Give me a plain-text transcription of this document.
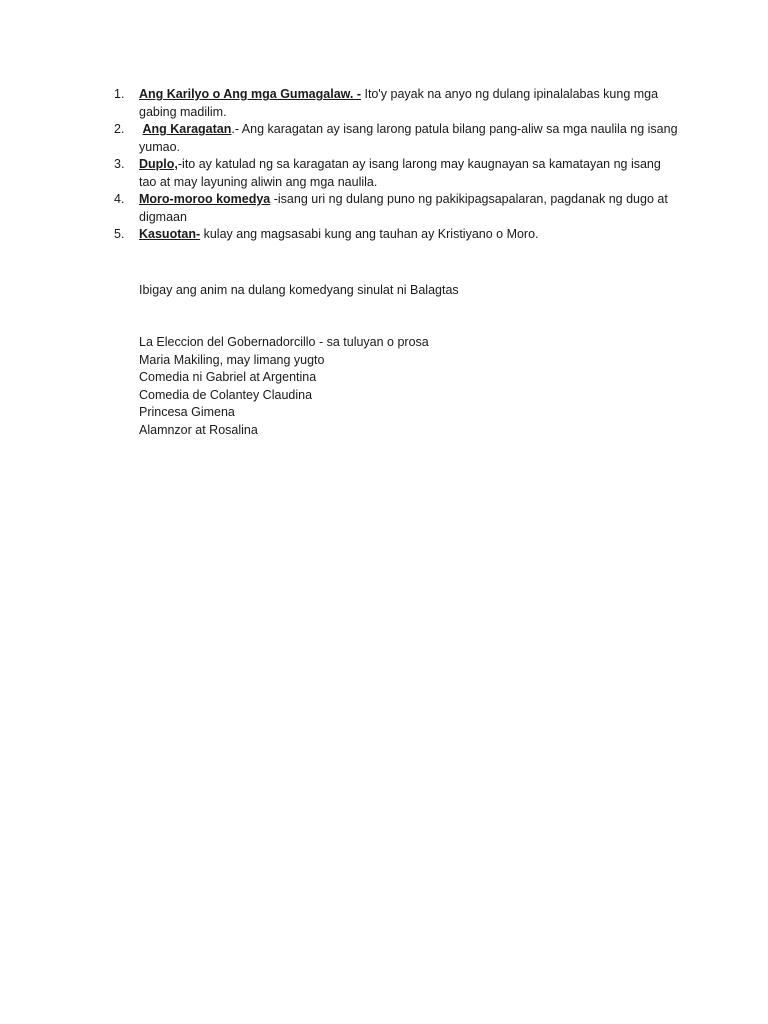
1. Ang Karilyo o Ang mga Gumagalaw. - Ito'y payak na anyo ng dulang ipinalalabas kung mga gabing madilim.
2. Ang Karagatan.- Ang karagatan ay isang larong patula bilang pang-aliw sa mga naulila ng isang yumao.
3. Duplo,-ito ay katulad ng sa karagatan ay isang larong may kaugnayan sa kamatayan ng isang tao at may layuning aliwin ang mga naulila.
4. Moro-moroo komedya -isang uri ng dulang puno ng pakikipagsapalaran, pagdanak ng dugo at digmaan
5. Kasuotan- kulay ang magsasabi kung ang tauhan ay Kristiyano o Moro.

Ibigay ang anim na dulang komedyang sinulat ni Balagtas

La Eleccion del Gobernadorcillo - sa tuluyan o prosa
Maria Makiling, may limang yugto
Comedia ni Gabriel at Argentina
Comedia de Colantey Claudina
Princesa Gimena
Alamnzor at Rosalina
